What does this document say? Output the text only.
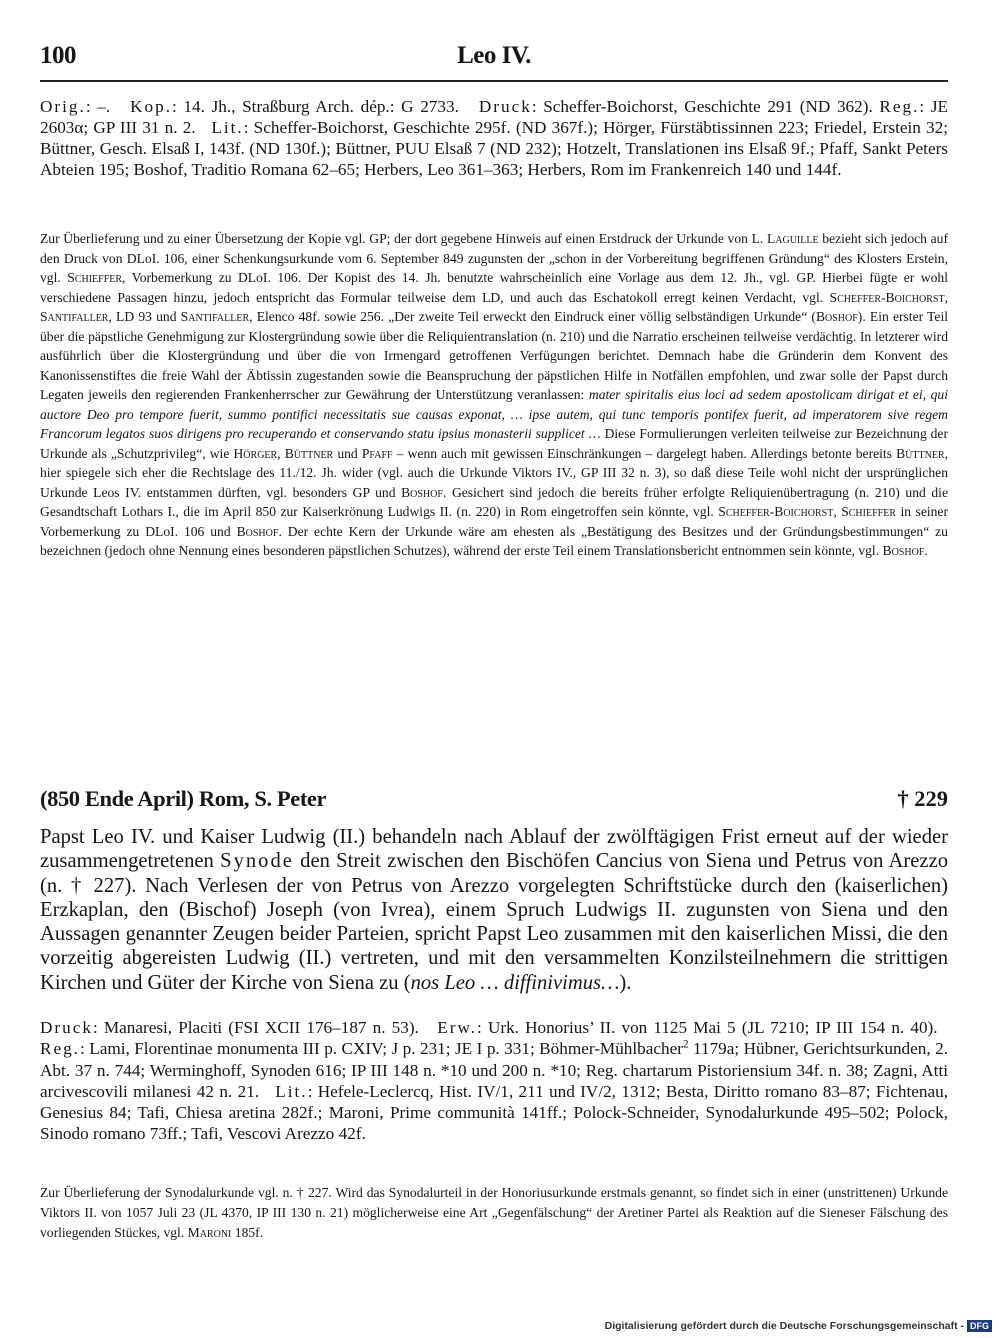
100	Leo IV.
Orig.: –. Kop.: 14. Jh., Straßburg Arch. dép.: G 2733. Druck: Scheffer-Boichorst, Geschichte 291 (ND 362). Reg.: JE 2603α; GP III 31 n. 2. Lit.: Scheffer-Boichorst, Geschichte 295f. (ND 367f.); Hörger, Fürstäbtissinnen 223; Friedel, Erstein 32; Büttner, Gesch. Elsaß I, 143f. (ND 130f.); Büttner, PUU Elsaß 7 (ND 232); Hotzelt, Translationen ins Elsaß 9f.; Pfaff, Sankt Peters Abteien 195; Boshof, Traditio Romana 62–65; Herbers, Leo 361–363; Herbers, Rom im Frankenreich 140 und 144f.
Zur Überlieferung und zu einer Übersetzung der Kopie vgl. GP; der dort gegebene Hinweis auf einen Erstdruck der Urkunde von L. Laguille bezieht sich jedoch auf den Druck von DLoI. 106, einer Schenkungsurkunde vom 6. September 849 zugunsten der „schon in der Vorbereitung begriffenen Gründung“ des Klosters Erstein, vgl. Schieffer, Vorbemerkung zu DLoI. 106. Der Kopist des 14. Jh. benutzte wahrscheinlich eine Vorlage aus dem 12. Jh., vgl. GP. Hierbei fügte er wohl verschiedene Passagen hinzu, jedoch entspricht das Formular teilweise dem LD, und auch das Eschatokoll erregt keinen Verdacht, vgl. Scheffer-Boichorst, Santifaller, LD 93 und Santifaller, Elenco 48f. sowie 256. „Der zweite Teil erweckt den Eindruck einer völlig selbständigen Urkunde“ (Boshof). Ein erster Teil über die päpstliche Genehmigung zur Klostergründung sowie über die Reliquientranslation (n. 210) und die Narratio erscheinen teilweise verdächtig. In letzterer wird ausführlich über die Klostergründung und über die von Irmengard getroffenen Verfügungen berichtet. Demnach habe die Gründerin dem Konvent des Kanonissenstiftes die freie Wahl der Äbtissin zugestanden sowie die Beanspruchung der päpstlichen Hilfe in Notfällen empfohlen, und zwar solle der Papst durch Legaten jeweils den regierenden Frankenherrscher zur Gewährung der Unterstützung veranlassen: mater spiritalis eius loci ad sedem apostolicam dirigat et ei, qui auctore Deo pro tempore fuerit, summo pontifici necessitatis sue causas exponat, … ipse autem, qui tunc temporis pontifex fuerit, ad imperatorem sive regem Francorum legatos suos dirigens pro recuperando et conservando statu ipsius monasterii supplicet … Diese Formulierungen verleiten teilweise zur Bezeichnung der Urkunde als „Schutzprivileg“, wie Hörger, Büttner und Pfaff – wenn auch mit gewissen Einschränkungen – dargelegt haben. Allerdings betonte bereits Büttner, hier spiegele sich eher die Rechtslage des 11./12. Jh. wider (vgl. auch die Urkunde Viktors IV., GP III 32 n. 3), so daß diese Teile wohl nicht der ursprünglichen Urkunde Leos IV. entstammen dürften, vgl. besonders GP und Boshof. Gesichert sind jedoch die bereits früher erfolgte Reliquienübertragung (n. 210) und die Gesandtschaft Lothars I., die im April 850 zur Kaiserkrönung Ludwigs II. (n. 220) in Rom eingetroffen sein könnte, vgl. Scheffer-Boichorst, Schieffer in seiner Vorbemerkung zu DLoI. 106 und Boshof. Der echte Kern der Urkunde wäre am ehesten als „Bestätigung des Besitzes und der Gründungsbestimmungen“ zu bezeichnen (jedoch ohne Nennung eines besonderen päpstlichen Schutzes), während der erste Teil einem Translationsbericht entnommen sein könnte, vgl. Boshof.
(850 Ende April) Rom, S. Peter	† 229
Papst Leo IV. und Kaiser Ludwig (II.) behandeln nach Ablauf der zwölftägigen Frist erneut auf der wieder zusammengetretenen Synode den Streit zwischen den Bischöfen Cancius von Siena und Petrus von Arezzo (n. † 227). Nach Verlesen der von Petrus von Arezzo vorgelegten Schriftstücke durch den (kaiserlichen) Erzkaplan, den (Bischof) Joseph (von Ivrea), einem Spruch Ludwigs II. zugunsten von Siena und den Aussagen genannter Zeugen beider Parteien, spricht Papst Leo zusammen mit den kaiserlichen Missi, die den vorzeitig abgereisten Ludwig (II.) vertreten, und mit den versammelten Konzilsteilnehmern die strittigen Kirchen und Güter der Kirche von Siena zu (nos Leo … diffinivimus…).
Druck: Manaresi, Placiti (FSI XCII 176–187 n. 53). Erw.: Urk. Honorius’ II. von 1125 Mai 5 (JL 7210; IP III 154 n. 40).   Reg.: Lami, Florentinae monumenta III p. CXIV; J p. 231; JE I p. 331; Böhmer-Mühlbacher$^2$ 1179a; Hübner, Gerichtsurkunden, 2. Abt. 37 n. 744; Werminghoff, Synoden 616; IP III 148 n. *10 und 200 n. *10; Reg. chartarum Pistoriensium 34f. n. 38; Zagni, Atti arcivescovili milanesi 42 n. 21. Lit.: Hefele-Leclercq, Hist. IV/1, 211 und IV/2, 1312; Besta, Diritto romano 83–87; Fichtenau, Genesius 84; Tafi, Chiesa aretina 282f.; Maroni, Prime communità 141ff.; Polock-Schneider, Synodalurkunde 495–502; Polock, Sinodo romano 73ff.; Tafi, Vescovi Arezzo 42f.
Zur Überlieferung der Synodalurkunde vgl. n. † 227. Wird das Synodalurteil in der Honoriusurkunde erstmals genannt, so findet sich in einer (unstrittenen) Urkunde Viktors II. von 1057 Juli 23 (JL 4370, IP III 130 n. 21) möglicherweise eine Art „Gegenfälschung“ der Aretiner Partei als Reaktion auf die Sieneser Fälschung des vorliegenden Stückes, vgl. Maroni 185f.
Digitalisierung gefördert durch die Deutsche Forschungsgemeinschaft - DFG
